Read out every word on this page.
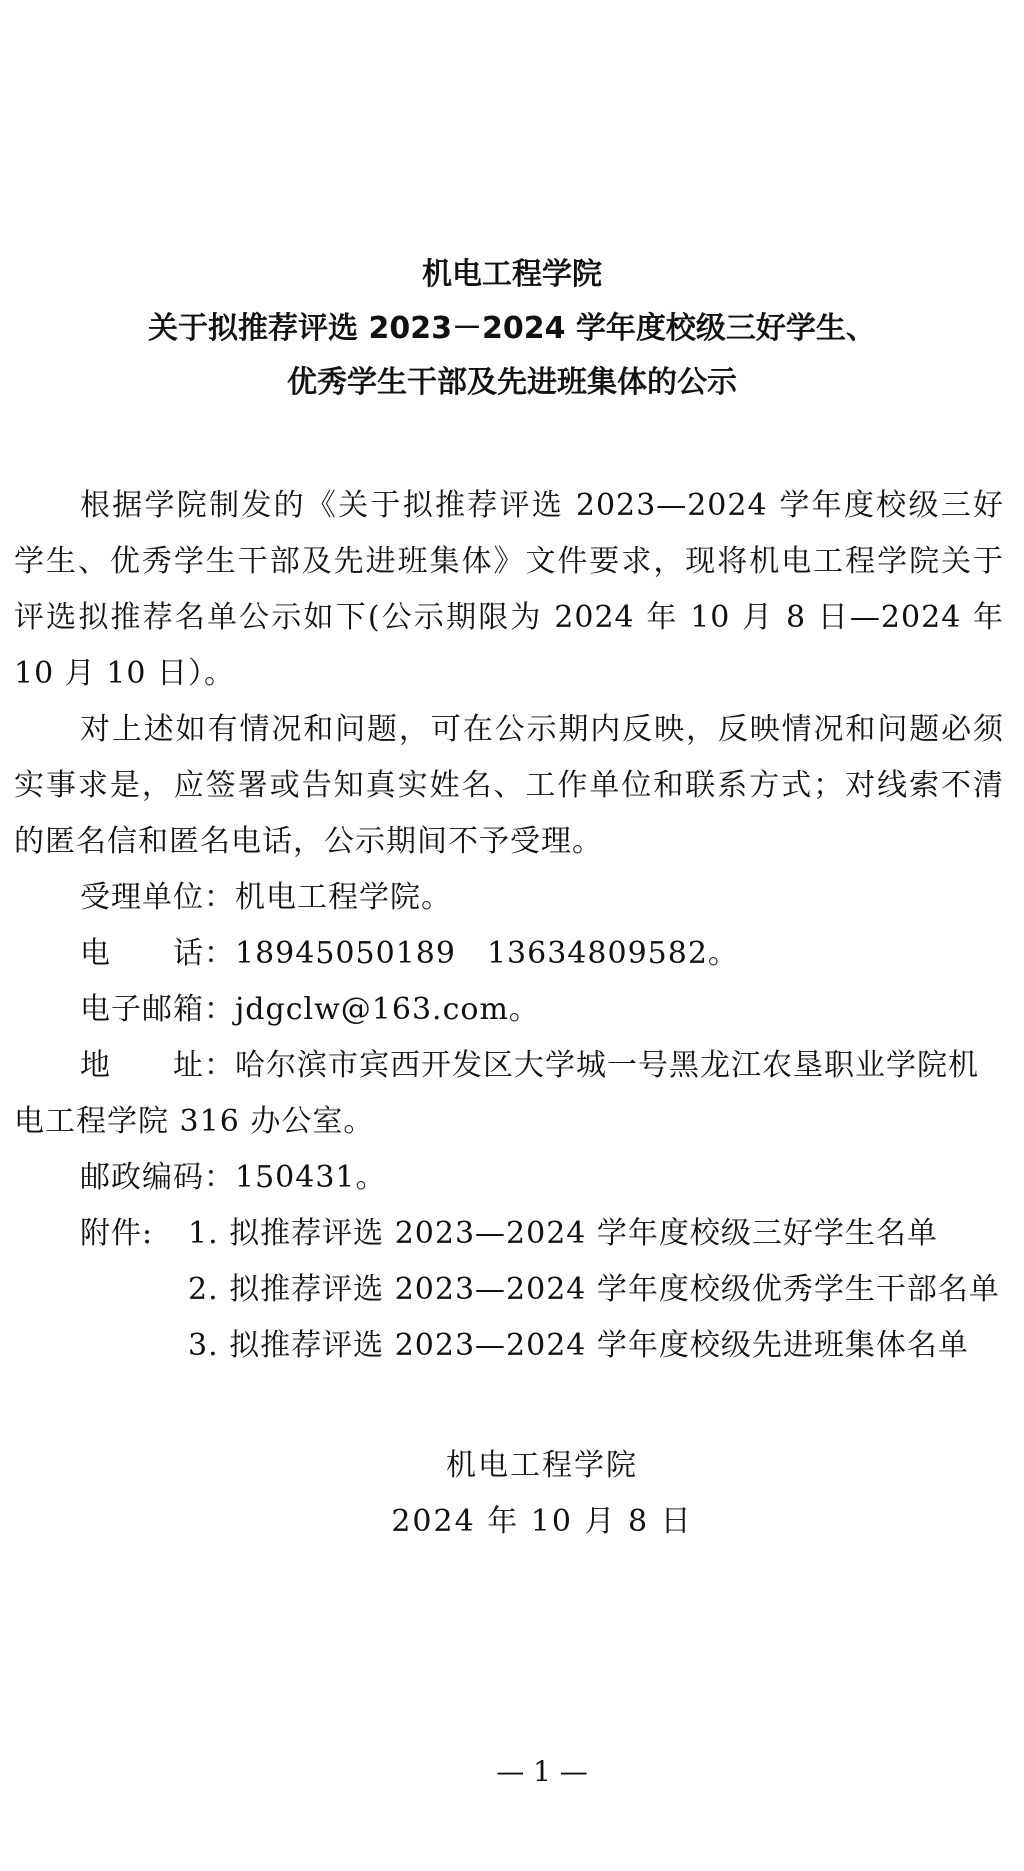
机电工程学院
关于拟推荐评选 2023－2024 学年度校级三好学生、
优秀学生干部及先进班集体的公示

根据学院制发的《关于拟推荐评选 2023—2024 学年度校级三好学生、优秀学生干部及先进班集体》文件要求，现将机电工程学院关于评选拟推荐名单公示如下(公示期限为 2024 年 10 月 8 日—2024 年 10 月 10 日）。

对上述如有情况和问题，可在公示期内反映，反映情况和问题必须实事求是，应签署或告知真实姓名、工作单位和联系方式；对线索不清的匿名信和匿名电话，公示期间不予受理。

受理单位：机电工程学院。
电　　话：18945050189　13634809582。
电子邮箱：jdgclw@163.com。
地　　址：哈尔滨市宾西开发区大学城一号黑龙江农垦职业学院机电工程学院 316 办公室。
邮政编码：150431。
附件:	1. 拟推荐评选 2023—2024 学年度校级三好学生名单
2. 拟推荐评选 2023—2024 学年度校级优秀学生干部名单
3. 拟推荐评选 2023—2024 学年度校级先进班集体名单
机电工程学院
2024 年 10 月 8 日
— 1 —
